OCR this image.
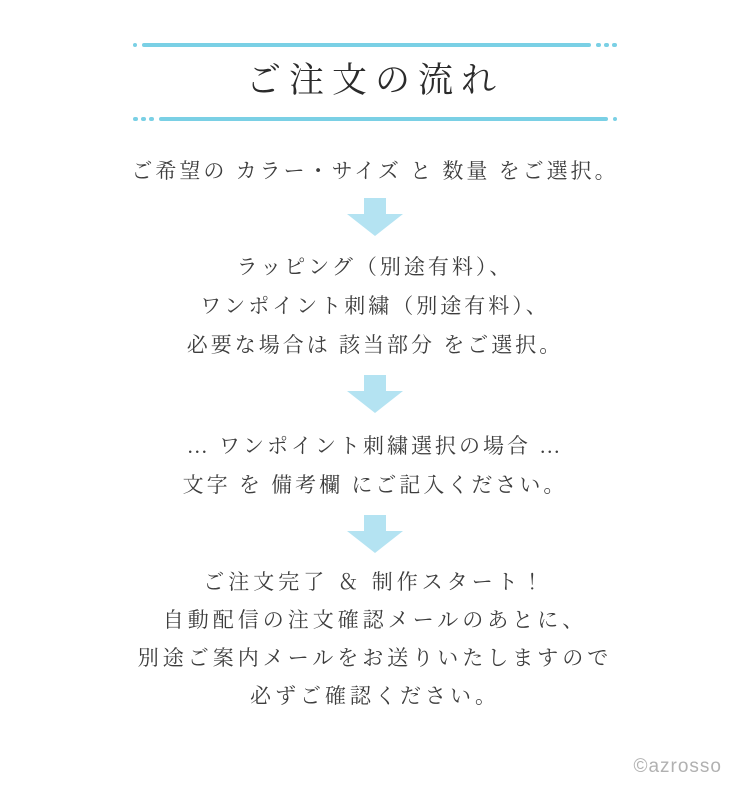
ご注文の流れ

ご希望の カラー・サイズ と 数量 をご選択。

ラッピング（別途有料）、

ワンポイント刺繍（別途有料）、

必要な場合は 該当部分 をご選択。

… ワンポイント刺繍選択の場合 …

文字 を 備考欄 にご記入ください。

ご注文完了 ＆ 制作スタート！

自動配信の注文確認メールのあとに、

別途ご案内メールをお送りいたしますので

必ずご確認ください。

©azrosso
